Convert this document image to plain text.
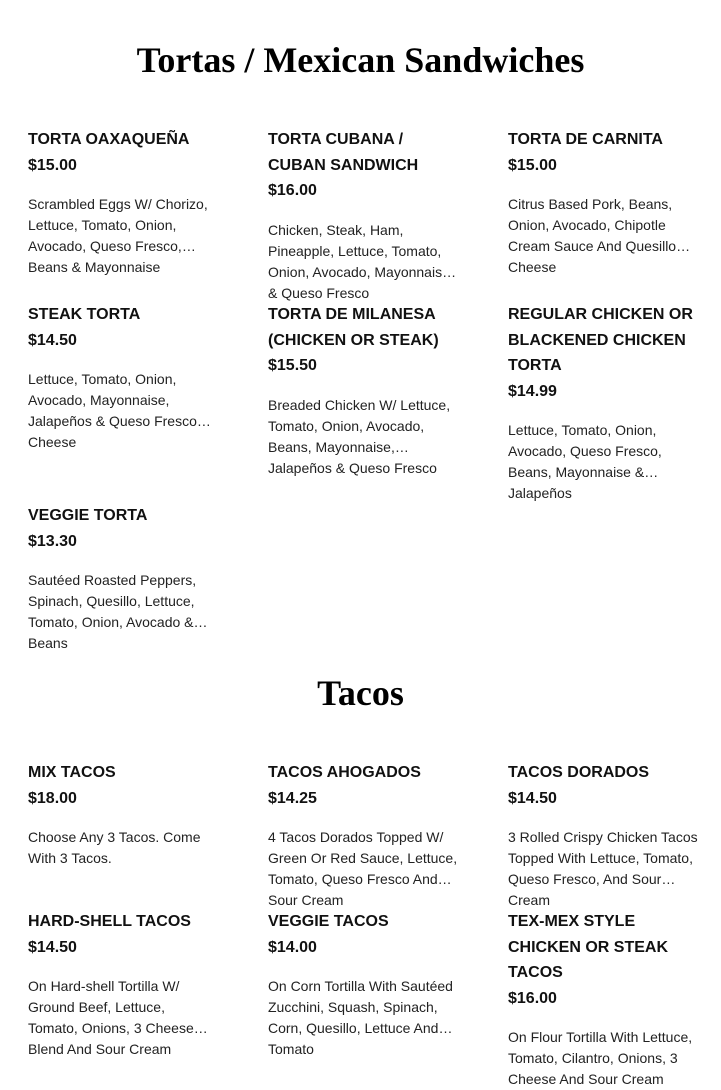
Tortas / Mexican Sandwiches
TORTA OAXAQUEÑA
$15.00
Scrambled Eggs W/ Chorizo, Lettuce, Tomato, Onion, Avocado, Queso Fresco, Beans & Mayonnaise
TORTA CUBANA / CUBAN SANDWICH
$16.00
Chicken, Steak, Ham, Pineapple, Lettuce, Tomato, Onion, Avocado, Mayonnaise & Queso Fresco
TORTA DE CARNITA
$15.00
Citrus Based Pork, Beans, Onion, Avocado, Chipotle Cream Sauce And Quesillo Cheese
STEAK TORTA
$14.50
Lettuce, Tomato, Onion, Avocado, Mayonnaise, Jalapeños & Queso Fresco Cheese
TORTA DE MILANESA (CHICKEN OR STEAK)
$15.50
Breaded Chicken W/ Lettuce, Tomato, Onion, Avocado, Beans, Mayonnaise, Jalapeños & Queso Fresco
REGULAR CHICKEN OR BLACKENED CHICKEN TORTA
$14.99
Lettuce, Tomato, Onion, Avocado, Queso Fresco, Beans, Mayonnaise & Jalapeños
VEGGIE TORTA
$13.30
Sautéed Roasted Peppers, Spinach, Quesillo, Lettuce, Tomato, Onion, Avocado & Beans
Tacos
MIX TACOS
$18.00
Choose Any 3 Tacos. Come With 3 Tacos.
TACOS AHOGADOS
$14.25
4 Tacos Dorados Topped W/ Green Or Red Sauce, Lettuce, Tomato, Queso Fresco And Sour Cream
TACOS DORADOS
$14.50
3 Rolled Crispy Chicken Tacos Topped With Lettuce, Tomato, Queso Fresco, And Sour Cream
HARD-SHELL TACOS
$14.50
On Hard-shell Tortilla W/ Ground Beef, Lettuce, Tomato, Onions, 3 Cheese Blend And Sour Cream
VEGGIE TACOS
$14.00
On Corn Tortilla With Sautéed Zucchini, Squash, Spinach, Corn, Quesillo, Lettuce And Tomato
TEX-MEX STYLE CHICKEN OR STEAK TACOS
$16.00
On Flour Tortilla With Lettuce, Tomato, Cilantro, Onions, 3 Cheese And Sour Cream
